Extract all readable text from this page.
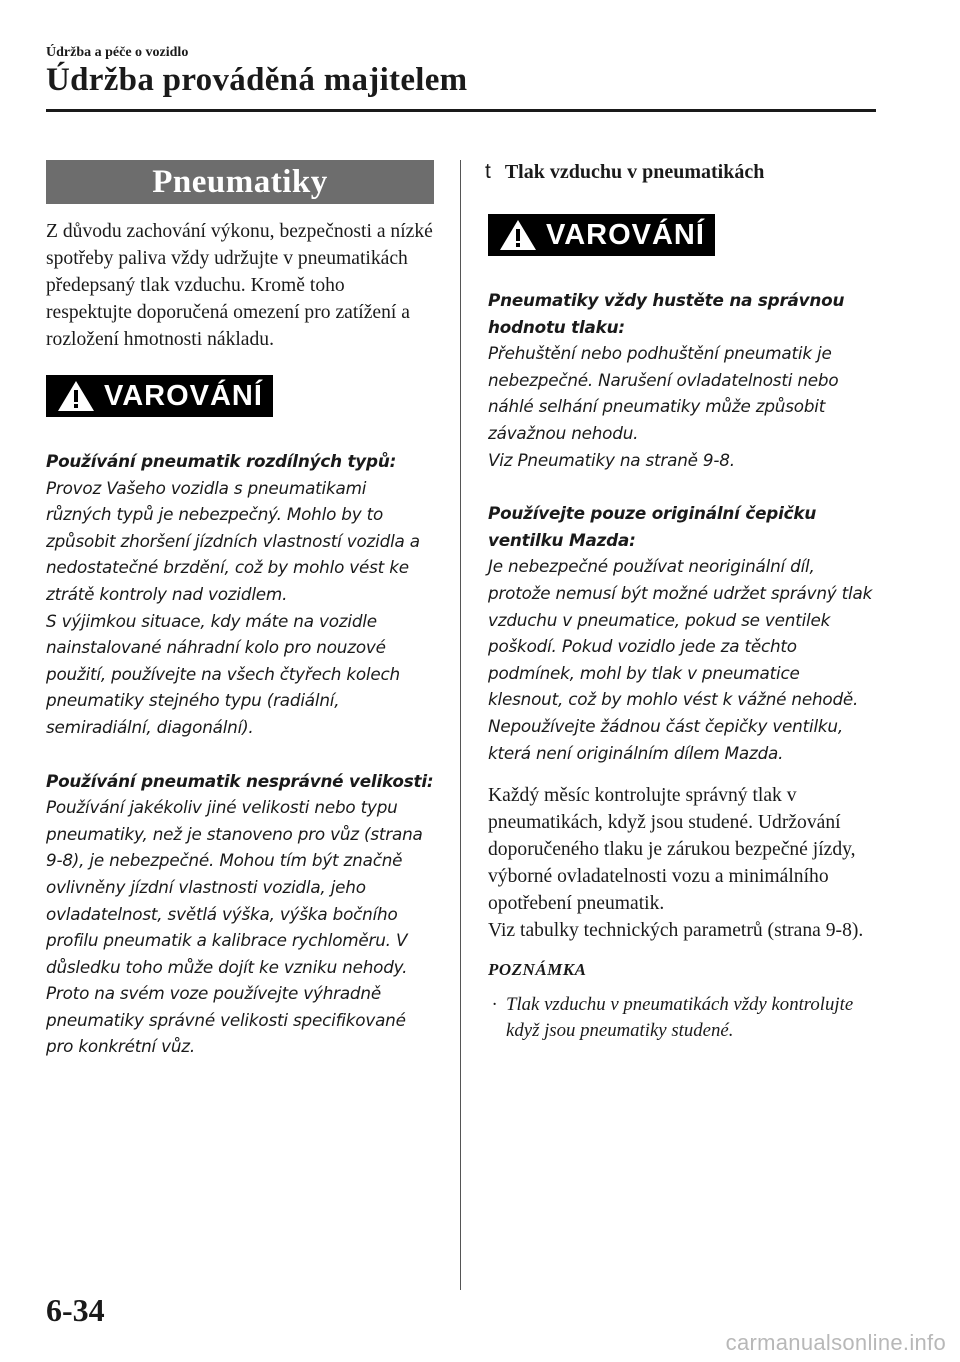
Údržba a péče o vozidlo
Údržba prováděná majitelem
Pneumatiky

Z důvodu zachování výkonu, bezpečnosti a nízké spotřeby paliva vždy udržujte v pneumatikách předepsaný tlak vzduchu. Kromě toho respektujte doporučená omezení pro zatížení a rozložení hmotnosti nákladu.

VAROVÁNÍ

Používání pneumatik rozdílných typů:

Provoz Vašeho vozidla s pneumatikami různých typů je nebezpečný. Mohlo by to způsobit zhoršení jízdních vlastností vozidla a nedostatečné brzdění, což by mohlo vést ke ztrátě kontroly nad vozidlem.

S výjimkou situace, kdy máte na vozidle nainstalované náhradní kolo pro nouzové použití, používejte na všech čtyřech kolech pneumatiky stejného typu (radiální, semiradiální, diagonální).

Používání pneumatik nesprávné velikosti:

Používání jakékoliv jiné velikosti nebo typu pneumatiky, než je stanoveno pro vůz (strana 9-8), je nebezpečné. Mohou tím být značně ovlivněny jízdní vlastnosti vozidla, jeho ovladatelnost, světlá výška, výška bočního profilu pneumatik a kalibrace rychloměru. V důsledku toho může dojít ke vzniku nehody. Proto na svém voze používejte výhradně pneumatiky správné velikosti specifikované pro konkrétní vůz.

t Tlak vzduchu v pneumatikách
VAROVÁNÍ

Pneumatiky vždy hustěte na správnou hodnotu tlaku:

Přehuštění nebo podhuštění pneumatik je nebezpečné. Narušení ovladatelnosti nebo náhlé selhání pneumatiky může způsobit závažnou nehodu.

Viz Pneumatiky na straně 9-8.

Používejte pouze originální čepičku ventilku Mazda:

Je nebezpečné používat neoriginální díl, protože nemusí být možné udržet správný tlak vzduchu v pneumatice, pokud se ventilek poškodí. Pokud vozidlo jede za těchto podmínek, mohl by tlak v pneumatice klesnout, což by mohlo vést k vážné nehodě. Nepoužívejte žádnou část čepičky ventilku, která není originálním dílem Mazda.

Každý měsíc kontrolujte správný tlak v pneumatikách, když jsou studené. Udržování doporučeného tlaku je zárukou bezpečné jízdy, výborné ovladatelnosti vozu a minimálního opotřebení pneumatik.

Viz tabulky technických parametrů (strana 9-8).

POZNÁMKA
· Tlak vzduchu v pneumatikách vždy kontrolujte když jsou pneumatiky studené.
6-34
carmanualsonline.info
